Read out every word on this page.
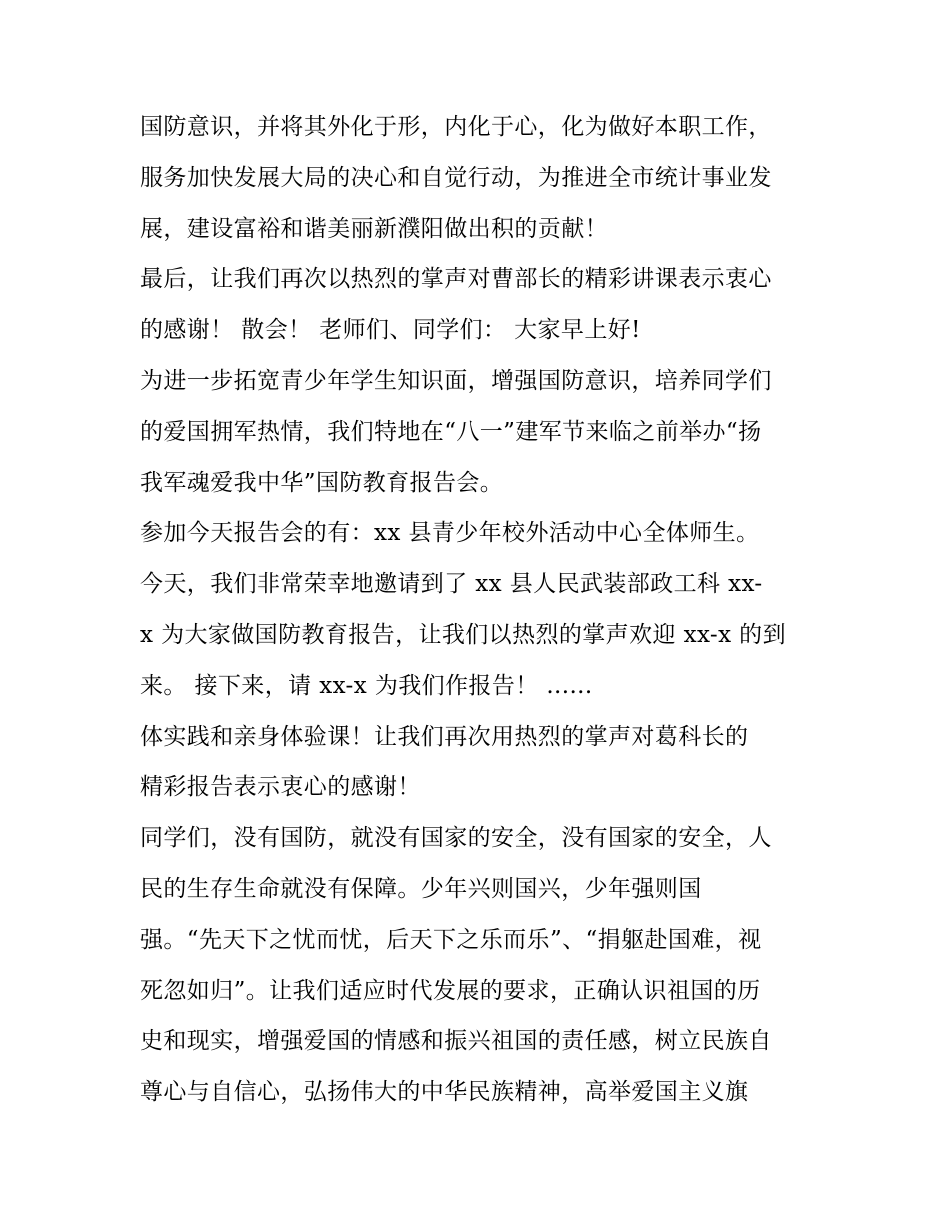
国防意识，并将其外化于形，内化于心，化为做好本职工作，
服务加快发展大局的决心和自觉行动，为推进全市统计事业发
展，建设富裕和谐美丽新濮阳做出积的贡献！
最后，让我们再次以热烈的掌声对曹部长的精彩讲课表示衷心
的感谢！ 散会！ 老师们、同学们： 大家早上好!
为进一步拓宽青少年学生知识面，增强国防意识，培养同学们
的爱国拥军热情，我们特地在“八一”建军节来临之前举办“扬
我军魂爱我中华”国防教育报告会。
参加今天报告会的有：xx 县青少年校外活动中心全体师生。
今天，我们非常荣幸地邀请到了 xx 县人民武装部政工科 xx-
x 为大家做国防教育报告，让我们以热烈的掌声欢迎 xx-x 的到
来。 接下来，请 xx-x 为我们作报告！ ......
体实践和亲身体验课！让我们再次用热烈的掌声对葛科长的
精彩报告表示衷心的感谢！
同学们，没有国防，就没有国家的安全，没有国家的安全，人
民的生存生命就没有保障。少年兴则国兴，少年强则国
强。“先天下之忧而忧，后天下之乐而乐”、“捐躯赴国难，视
死忽如归”。让我们适应时代发展的要求，正确认识祖国的历
史和现实，增强爱国的情感和振兴祖国的责任感，树立民族自
尊心与自信心，弘扬伟大的中华民族精神，高举爱国主义旗
